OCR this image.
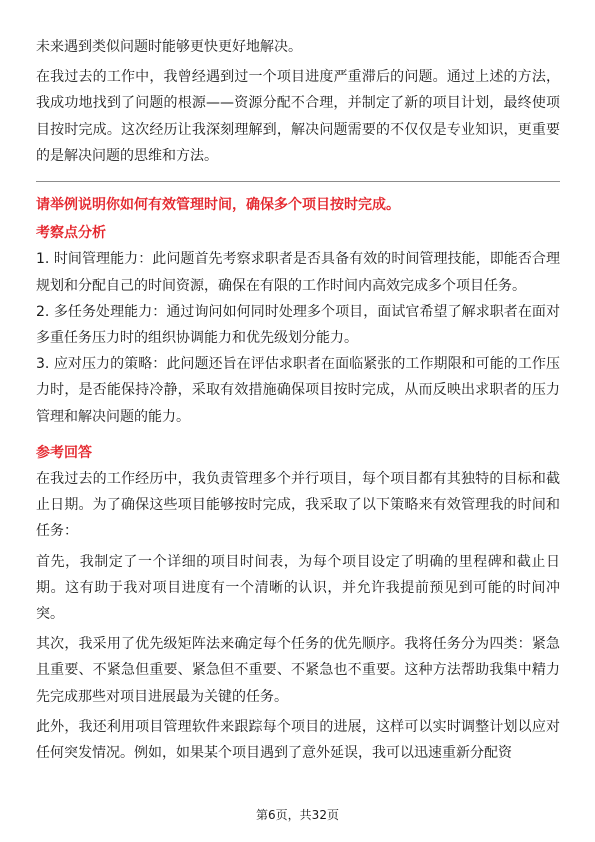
未来遇到类似问题时能够更快更好地解决。

在我过去的工作中，我曾经遇到过一个项目进度严重滞后的问题。通过上述的方法，我成功地找到了问题的根源——资源分配不合理，并制定了新的项目计划，最终使项目按时完成。这次经历让我深刻理解到，解决问题需要的不仅仅是专业知识，更重要的是解决问题的思维和方法。

请举例说明你如何有效管理时间，确保多个项目按时完成。

考察点分析

1. 时间管理能力：此问题首先考察求职者是否具备有效的时间管理技能，即能否合理规划和分配自己的时间资源，确保在有限的工作时间内高效完成多个项目任务。

2. 多任务处理能力：通过询问如何同时处理多个项目，面试官希望了解求职者在面对多重任务压力时的组织协调能力和优先级划分能力。

3. 应对压力的策略：此问题还旨在评估求职者在面临紧张的工作期限和可能的工作压力时，是否能保持冷静，采取有效措施确保项目按时完成，从而反映出求职者的压力管理和解决问题的能力。

参考回答

在我过去的工作经历中，我负责管理多个并行项目，每个项目都有其独特的目标和截止日期。为了确保这些项目能够按时完成，我采取了以下策略来有效管理我的时间和任务：

首先，我制定了一个详细的项目时间表，为每个项目设定了明确的里程碑和截止日期。这有助于我对项目进度有一个清晰的认识，并允许我提前预见到可能的时间冲突。

其次，我采用了优先级矩阵法来确定每个任务的优先顺序。我将任务分为四类：紧急且重要、不紧急但重要、紧急但不重要、不紧急也不重要。这种方法帮助我集中精力先完成那些对项目进展最为关键的任务。

此外，我还利用项目管理软件来跟踪每个项目的进展，这样可以实时调整计划以应对任何突发情况。例如，如果某个项目遇到了意外延误，我可以迅速重新分配资

第6页，共32页
